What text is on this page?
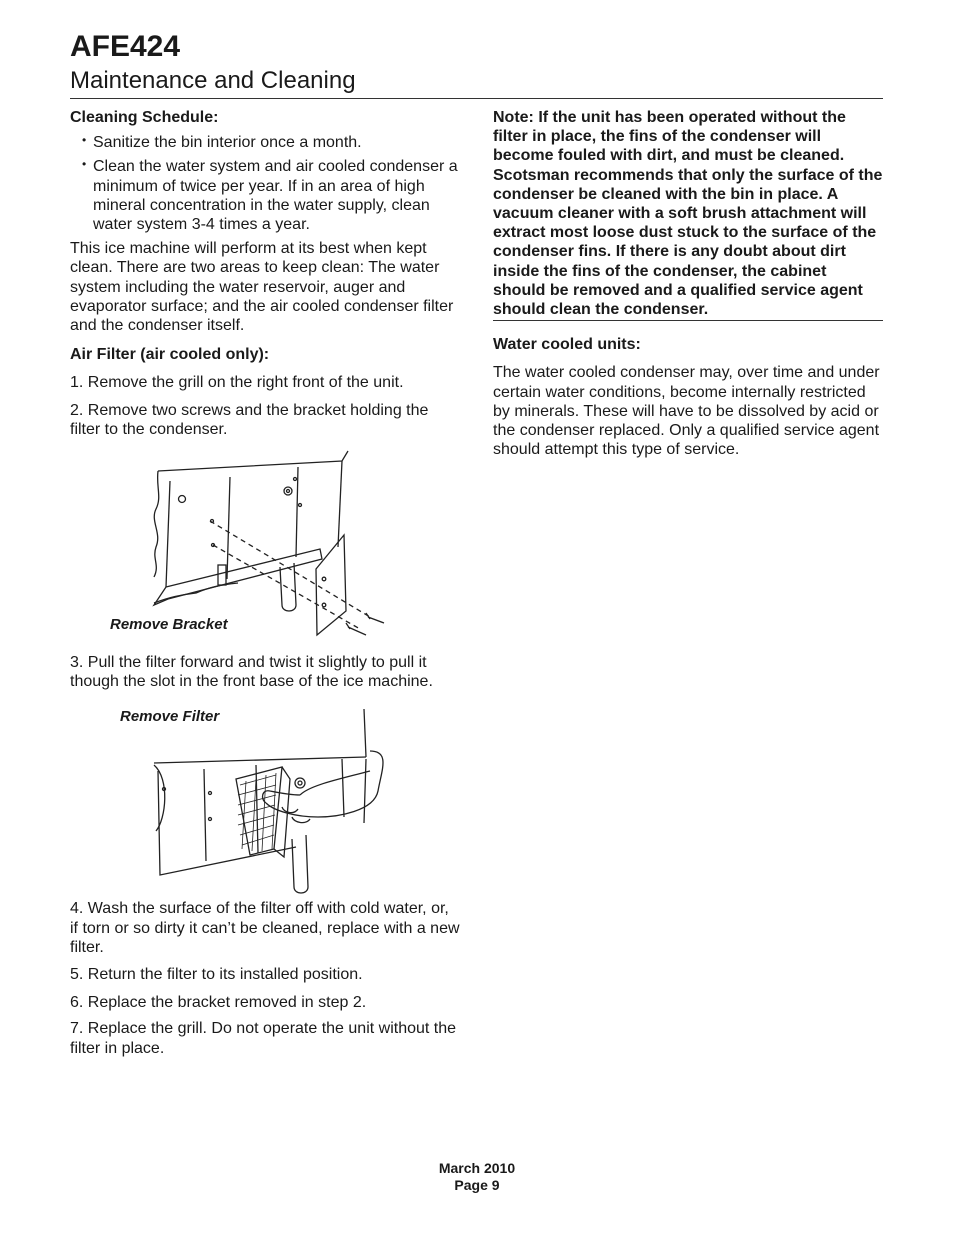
AFE424
Maintenance and Cleaning
Cleaning Schedule:
• Sanitize the bin interior once a month.
• Clean the water system and air cooled condenser a minimum of twice per year. If in an area of high mineral concentration in the water supply, clean water system 3-4 times a year.

This ice machine will perform at its best when kept clean. There are two areas to keep clean: The water system including the water reservoir, auger and evaporator surface; and the air cooled condenser filter and the condenser itself.

Air Filter (air cooled only):

1. Remove the grill on the right front of the unit.

2. Remove two screws and the bracket holding the filter to the condenser.

Remove Bracket

3. Pull the filter forward and twist it slightly to pull it though the slot in the front base of the ice machine.

Remove Filter

4. Wash the surface of the filter off with cold water, or, if torn or so dirty it can’t be cleaned, replace with a new filter.

5. Return the filter to its installed position.

6. Replace the bracket removed in step 2.

7. Replace the grill. Do not operate the unit without the filter in place.

Note: If the unit has been operated without the filter in place, the fins of the condenser will become fouled with dirt, and must be cleaned. Scotsman recommends that only the surface of the condenser be cleaned with the bin in place. A vacuum cleaner with a soft brush attachment will extract most loose dust stuck to the surface of the condenser fins. If there is any doubt about dirt inside the fins of the condenser, the cabinet should be removed and a qualified service agent should clean the condenser.
Water cooled units:

The water cooled condenser may, over time and under certain water conditions, become internally restricted by minerals. These will have to be dissolved by acid or the condenser replaced. Only a qualified service agent should attempt this type of service.

March 2010
Page 9
